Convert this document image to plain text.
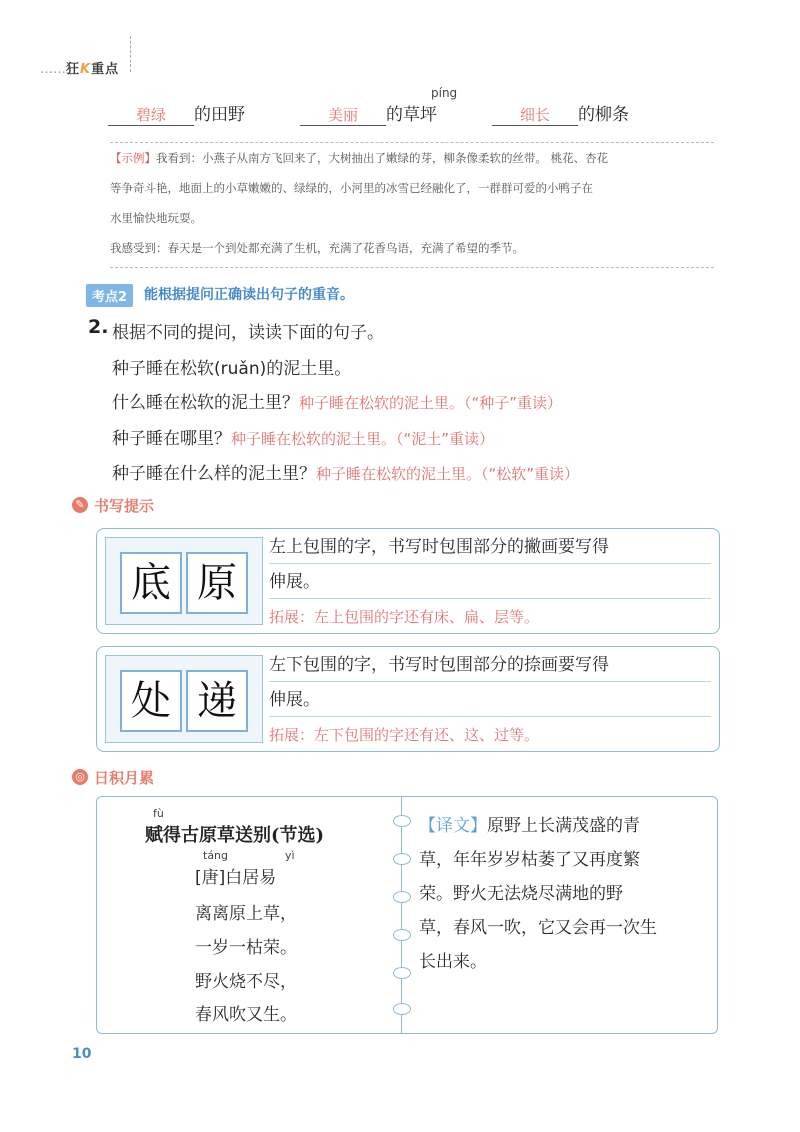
……狂K重点
píng
碧绿 的田野	美丽 的草坪	细长 的柳条

【示例】我看到：小燕子从南方飞回来了，大树抽出了嫩绿的芽，柳条像柔软的丝带。 桃花、杏花

等争奇斗艳，地面上的小草嫩嫩的、绿绿的，小河里的冰雪已经融化了，一群群可爱的小鸭子在

水里愉快地玩耍。

我感受到：春天是一个到处都充满了生机，充满了花香鸟语，充满了希望的季节。

考点2	能根据提问正确读出句子的重音。
2. 根据不同的提问，读读下面的句子。
种子睡在松软(ruǎn)的泥土里。
什么睡在松软的泥土里？种子睡在松软的泥土里。（“种子”重读）
种子睡在哪里？种子睡在松软的泥土里。（“泥土”重读）
种子睡在什么样的泥土里？种子睡在松软的泥土里。（“松软”重读）
✎ 书写提示
底 原
左上包围的字，书写时包围部分的撇画要写得
伸展。
拓展：左上包围的字还有床、扁、层等。
处 递
左下包围的字，书写时包围部分的捺画要写得
伸展。
拓展：左下包围的字还有还、这、过等。
◎ 日积月累
fù
赋得古原草送别(节选)
táng	yì
[唐]白居易
离离原上草，
一岁一枯荣。
野火烧不尽，
春风吹又生。
【译文】原野上长满茂盛的青
草，年年岁岁枯萎了又再度繁
荣。野火无法烧尽满地的野
草，春风一吹，它又会再一次生
长出来。
10
